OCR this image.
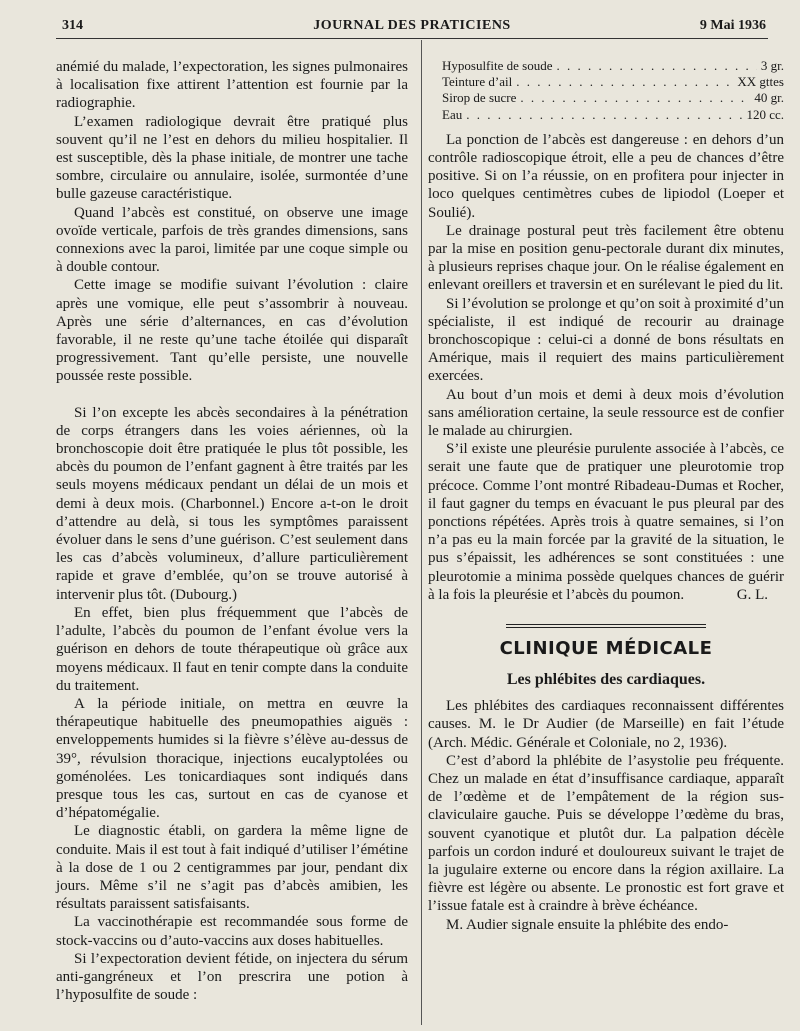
314	JOURNAL DES PRATICIENS	9 Mai 1936

anémié du malade, l’expectoration, les signes pulmonaires à localisation fixe attirent l’attention est fournie par la radiographie.

L’examen radiologique devrait être pratiqué plus souvent qu’il ne l’est en dehors du milieu hospitalier. Il est susceptible, dès la phase initiale, de montrer une tache sombre, circulaire ou annulaire, isolée, surmontée d’une bulle gazeuse caractéristique.

Quand l’abcès est constitué, on observe une image ovoïde verticale, parfois de très grandes dimensions, sans connexions avec la paroi, limitée par une coque simple ou à double contour.

Cette image se modifie suivant l’évolution : claire après une vomique, elle peut s’assombrir à nouveau. Après une série d’alternances, en cas d’évolution favorable, il ne reste qu’une tache étoilée qui disparaît progressivement. Tant qu’elle persiste, une nouvelle poussée reste possible.

Si l’on excepte les abcès secondaires à la pénétration de corps étrangers dans les voies aériennes, où la bronchoscopie doit être pratiquée le plus tôt possible, les abcès du poumon de l’enfant gagnent à être traités par les seuls moyens médicaux pendant un délai de un mois et demi à deux mois. (Charbonnel.) Encore a-t-on le droit d’attendre au delà, si tous les symptômes paraissent évoluer dans le sens d’une guérison. C’est seulement dans les cas d’abcès volumineux, d’allure particulièrement rapide et grave d’emblée, qu’on se trouve autorisé à intervenir plus tôt. (Dubourg.)

En effet, bien plus fréquemment que l’abcès de l’adulte, l’abcès du poumon de l’enfant évolue vers la guérison en dehors de toute thérapeutique où grâce aux moyens médicaux. Il faut en tenir compte dans la conduite du traitement.

A la période initiale, on mettra en œuvre la thérapeutique habituelle des pneumopathies aiguës : enveloppements humides si la fièvre s’élève au-dessus de 39°, révulsion thoracique, injections eucalyptolées ou goménolées. Les tonicardiaques sont indiqués dans presque tous les cas, surtout en cas de cyanose et d’hépatomégalie.

Le diagnostic établi, on gardera la même ligne de conduite. Mais il est tout à fait indiqué d’utiliser l’émétine à la dose de 1 ou 2 centigrammes par jour, pendant dix jours. Même s’il ne s’agit pas d’abcès amibien, les résultats paraissent satisfaisants.

La vaccinothérapie est recommandée sous forme de stock-vaccins ou d’auto-vaccins aux doses habituelles.

Si l’expectoration devient fétide, on injectera du sérum anti-gangréneux et l’on prescrira une potion à l’hyposulfite de soude :

Hyposulfite de soude . . .	3 gr.
Teinture d’ail . . .	XX gttes
Sirop de sucre . . .	40 gr.
Eau . . .	120 cc.

La ponction de l’abcès est dangereuse : en dehors d’un contrôle radioscopique étroit, elle a peu de chances d’être positive. Si on l’a réussie, on en profitera pour injecter in loco quelques centimètres cubes de lipiodol (Loeper et Soulié).

Le drainage postural peut très facilement être obtenu par la mise en position genu-pectorale durant dix minutes, à plusieurs reprises chaque jour. On le réalise également en enlevant oreillers et traversin et en surélevant le pied du lit.

Si l’évolution se prolonge et qu’on soit à proximité d’un spécialiste, il est indiqué de recourir au drainage bronchoscopique : celui-ci a donné de bons résultats en Amérique, mais il requiert des mains particulièrement exercées.

Au bout d’un mois et demi à deux mois d’évolution sans amélioration certaine, la seule ressource est de confier le malade au chirurgien.

S’il existe une pleurésie purulente associée à l’abcès, ce serait une faute que de pratiquer une pleurotomie trop précoce. Comme l’ont montré Ribadeau-Dumas et Rocher, il faut gagner du temps en évacuant le pus pleural par des ponctions répétées. Après trois à quatre semaines, si l’on n’a pas eu la main forcée par la gravité de la situation, le pus s’épaissit, les adhérences se sont constituées : une pleurotomie a minima possède quelques chances de guérir à la fois la pleurésie et l’abcès du poumon.	G. L.

CLINIQUE MÉDICALE
Les phlébites des cardiaques.

Les phlébites des cardiaques reconnaissent différentes causes. M. le Dr Audier (de Marseille) en fait l’étude (Arch. Médic. Générale et Coloniale, no 2, 1936).

C’est d’abord la phlébite de l’asystolie peu fréquente. Chez un malade en état d’insuffisance cardiaque, apparaît de l’œdème et de l’empâtement de la région sus-claviculaire gauche. Puis se développe l’œdème du bras, souvent cyanotique et plutôt dur. La palpation décèle parfois un cordon induré et douloureux suivant le trajet de la jugulaire externe ou encore dans la région axillaire. La fièvre est légère ou absente. Le pronostic est fort grave et l’issue fatale est à craindre à brève échéance.

M. Audier signale ensuite la phlébite des endo-
